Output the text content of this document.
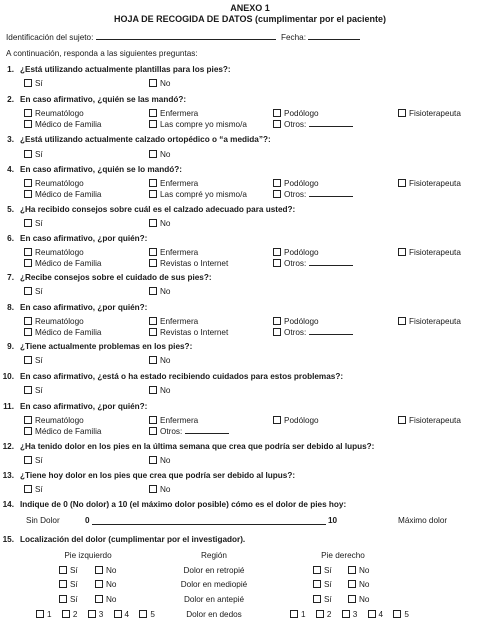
ANEXO 1
HOJA DE RECOGIDA DE DATOS (cumplimentar por el paciente)
Identificación del sujeto:	Fecha:
A continuación, responda a las siguientes preguntas:
1. ¿Está utilizando actualmente plantillas para los pies?:
Sí	No
2. En caso afirmativo, ¿quién se las mandó?:
Reumatólogo	Enfermera	Podólogo	Fisioterapeuta
Médico de Familia	Las compre yo mismo/a	Otros:
3. ¿Está utilizando actualmente calzado ortopédico o “a medida”?:
Sí	No
4. En caso afirmativo, ¿quién se lo mandó?:
Reumatólogo	Enfermera	Podólogo	Fisioterapeuta
Médico de Familia	Las compré yo mismo/a	Otros:
5. ¿Ha recibido consejos sobre cuál es el calzado adecuado para usted?:
Sí	No
6. En caso afirmativo, ¿por quién?:
Reumatólogo	Enfermera	Podólogo	Fisioterapeuta
Médico de Familia	Revistas o Internet	Otros:
7. ¿Recibe consejos sobre el cuidado de sus pies?:
Sí	No
8. En caso afirmativo, ¿por quién?:
Reumatólogo	Enfermera	Podólogo	Fisioterapeuta
Médico de Familia	Revistas o Internet	Otros:
9. ¿Tiene actualmente problemas en los pies?:
Sí	No
10. En caso afirmativo, ¿está o ha estado recibiendo cuidados para estos problemas?:
Sí	No
11. En caso afirmativo, ¿por quién?:
Reumatólogo	Enfermera	Podólogo	Fisioterapeuta
Médico de Familia	Otros:
12. ¿Ha tenido dolor en los pies en la última semana que crea que podría ser debido al lupus?:
Sí	No
13. ¿Tiene hoy dolor en los pies que crea que podría ser debido al lupus?:
Sí	No
14. Indique de 0 (No dolor) a 10 (el máximo dolor posible) cómo es el dolor de pies hoy:
Sin Dolor	0	10	Máximo dolor
15. Localización del dolor (cumplimentar por el investigador).
Pie izquierdo	Región	Pie derecho
Sí	No	Dolor en retropié	Sí	No
Sí	No	Dolor en mediopié	Sí	No
Sí	No	Dolor en antepié	Sí	No
1	2	3	4	5	Dolor en dedos	1	2	3	4	5
